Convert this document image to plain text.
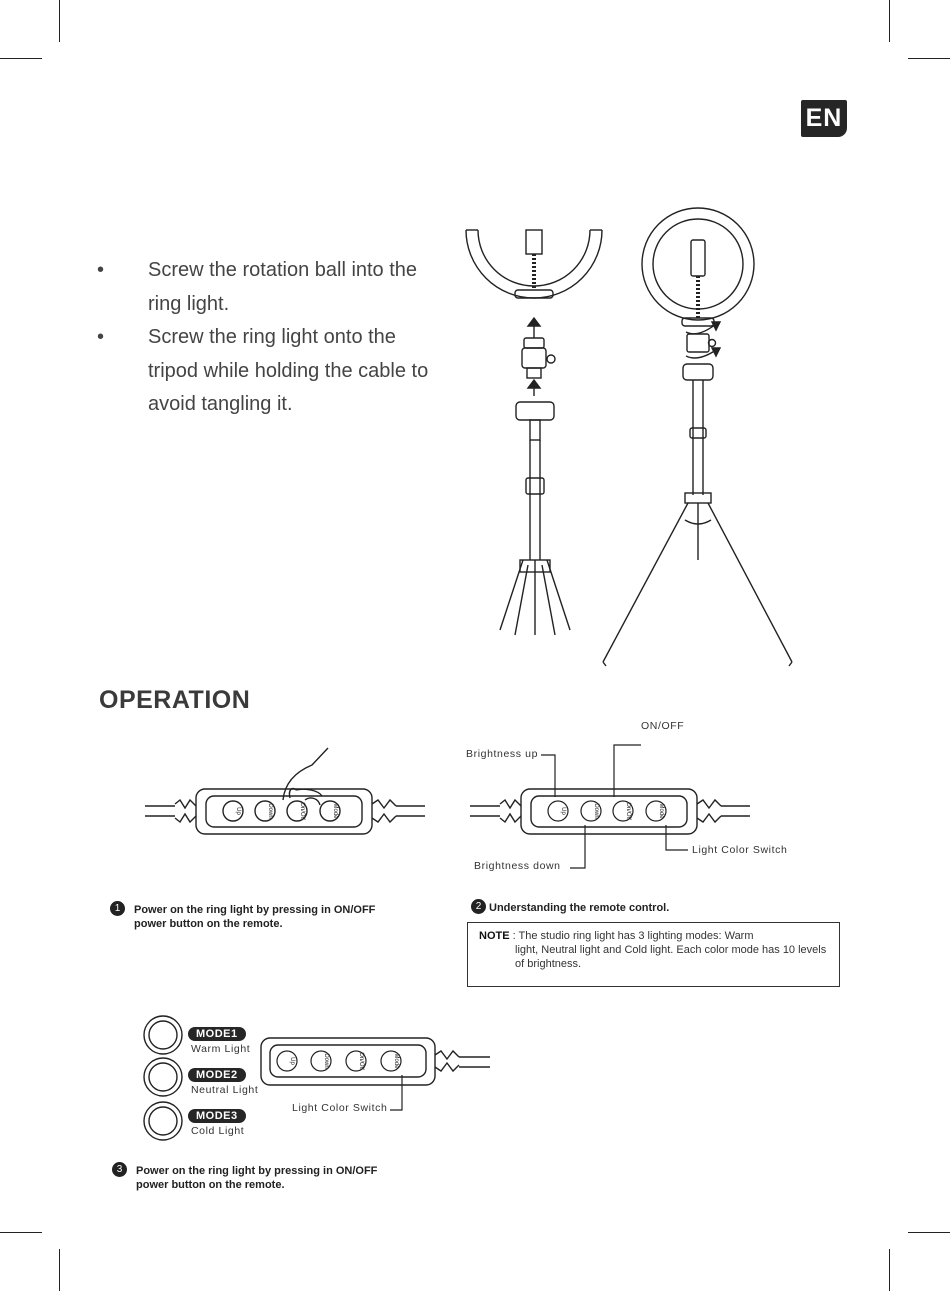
EN
• Screw the rotation ball into the ring light.
• Screw the ring light onto the tripod while holding the cable to avoid tangling it.
OPERATION
Up	Down	On/Off	Mode	Up	Down	On/Off	Mode
ON/OFF
Brightness up
Brightness down
Light Color Switch
1 Power on the ring light by pressing in ON/OFF power button on the remote.
2 Understanding the remote control.
NOTE : The studio ring light has 3 lighting modes: Warm
light, Neutral light and Cold light. Each color mode has 10 levels of brightness.
MODE1
Warm Light
MODE2
Neutral Light
MODE3
Cold Light
Up	Down	On/Off	Mode
Light Color Switch
3 Power on the ring light by pressing in ON/OFF power button on the remote.
